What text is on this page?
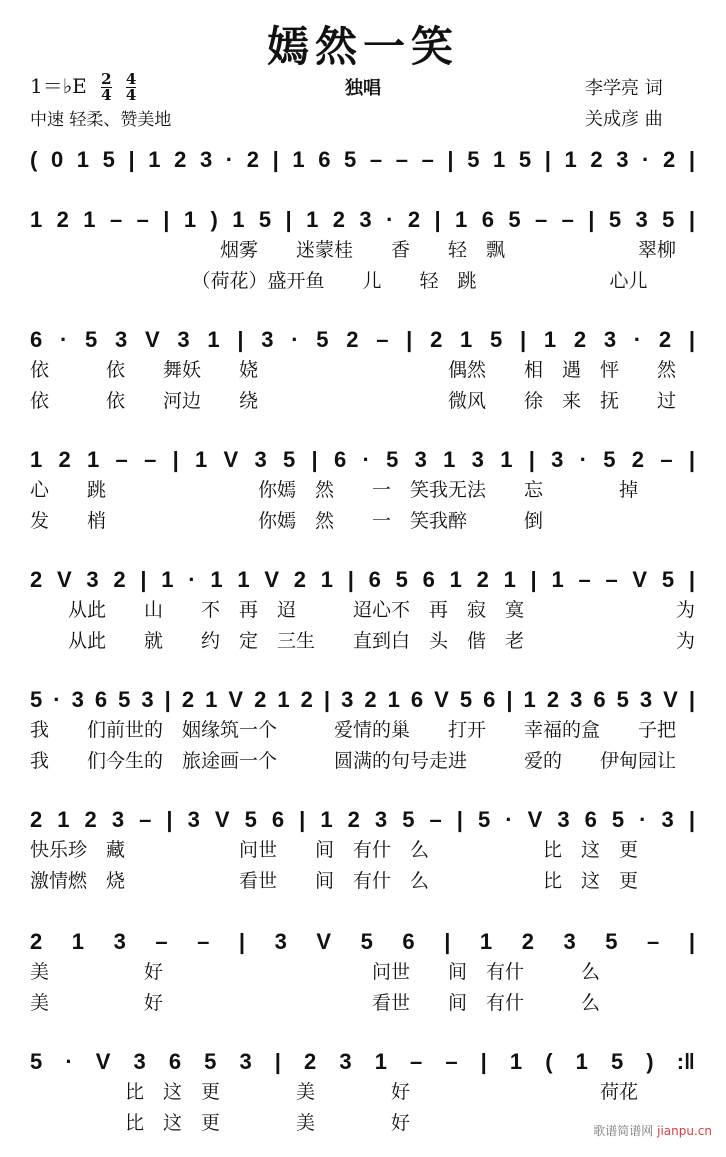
嫣然一笑
1＝♭E $\frac{2}{4}$
$\frac{4}{4}$	独唱
中速 轻柔、赞美地
李学亮 词
关成彦 曲
( 0 1 5 | 1 2 3 · 2 | 1 6 5 – – – | 5 1 5 | 1 2 3 · 2 |
1 2 1 – – | 1 ) 1 5 | 1 2 3 · 2 | 1 6 5 – – | 5 3 5 |
6 · 5 3 V 3 1 | 3 · 5 2 – | 2 1 5 | 1 2 3 · 2 |
1 2 1 – – | 1 V 3 5 | 6 · 5 3 1 3 1 | 3 · 5 2 – |
2 V 3 2 | 1 · 1 1 V 2 1 | 6 5 6 1 2 1 | 1 – – V 5 |
5 · 3 6 5 3 | 2 1 V 2 1 2 | 3 2 1 6 V 5 6 | 1 2 3 6 5 3 V |
2 1 2 3 – | 3 V 5 6 | 1 2 3 5 – | 5 · V 3 6 5 · 3 |
2 1 3 – – | 3 V 5 6 | 1 2 3 5 – |
5 · V 3 6 5 3 | 2 3 1 – – | 1 ( 1 5 ) :‖
　　　　　　　　　　烟雾　　迷蒙桂　　香　　轻　飘　　　　　　　翠柳
　　　　　　　　　（荷花）盛开鱼　　儿　　轻　跳　　　　　　　心儿
依　　　依　　舞妖　　娆　　　　　　　　　　偶然　　相　遇　怦　　然
依　　　依　　河边　　绕　　　　　　　　　　微风　　徐　来　抚　　过
心　　跳　　　　　　　　你嫣　然　　一　笑我无法　　忘　　　　掉
发　　梢　　　　　　　　你嫣　然　　一　笑我醉　　　倒
　　从此　　山　　不　再　迢　　　迢心不　再　寂　寞　　　　　　　　为
　　从此　　就　　约　定　三生　　直到白　头　偕　老　　　　　　　　为
我　　们前世的　姻缘筑一个　　　爱情的巢　　打开　　幸福的盒　　子把
我　　们今生的　旅途画一个　　　圆满的句号走进　　　爱的　　伊甸园让
快乐珍　藏　　　　　　问世　　间　有什　么　　　　　　比　这　更
激情燃　烧　　　　　　看世　　间　有什　么　　　　　　比　这　更
美　　　　　好　　　　　　　　　　　问世　　间　有什　　　么
美　　　　　好　　　　　　　　　　　看世　　间　有什　　　么
　　　　　比　这　更　　　　美　　　　好　　　　　　　　　　荷花
　　　　　比　这　更　　　　美　　　　好	歌谱简谱网 jianpu.cn
